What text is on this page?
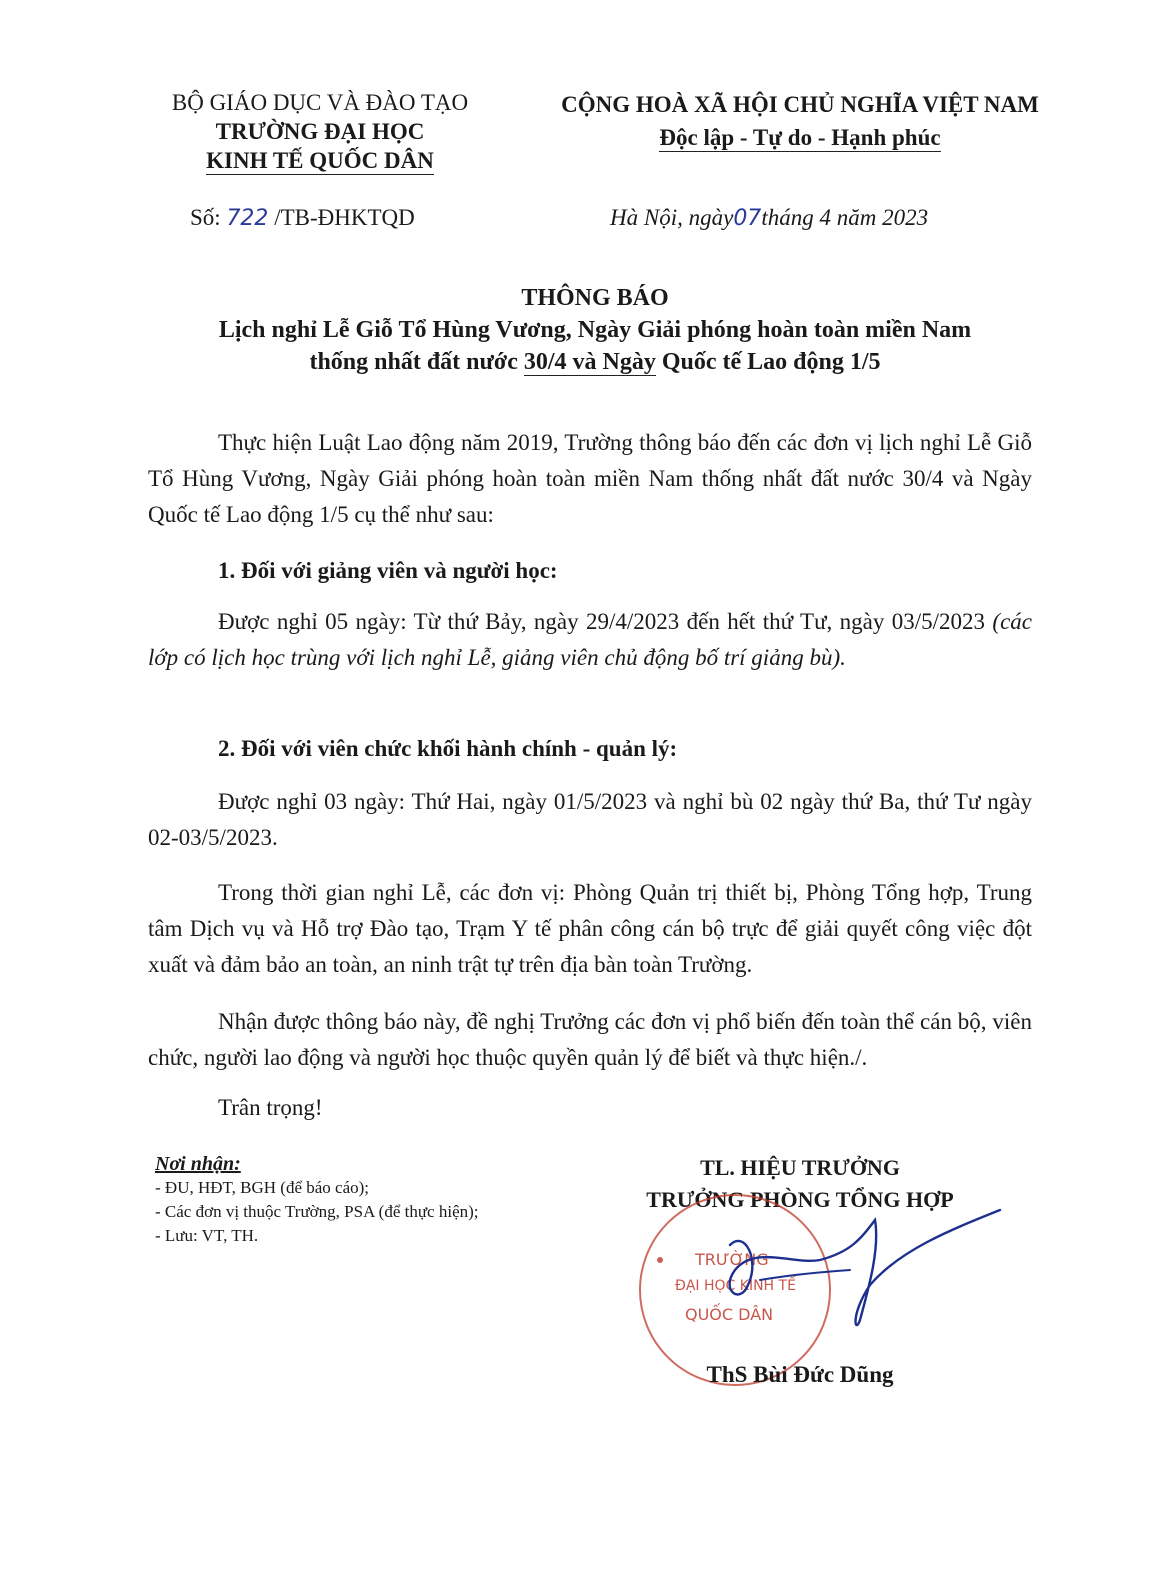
BỘ GIÁO DỤC VÀ ĐÀO TẠO
TRƯỜNG ĐẠI HỌC
KINH TẾ QUỐC DÂN
CỘNG HOÀ XÃ HỘI CHỦ NGHĨA VIỆT NAM
Độc lập - Tự do - Hạnh phúc
Số: 722 /TB-ĐHKTQD	Hà Nội, ngày07tháng 4 năm 2023
THÔNG BÁO
Lịch nghỉ Lễ Giỗ Tổ Hùng Vương, Ngày Giải phóng hoàn toàn miền Nam
thống nhất đất nước 30/4 và Ngày Quốc tế Lao động 1/5
Thực hiện Luật Lao động năm 2019, Trường thông báo đến các đơn vị lịch nghỉ Lễ Giỗ Tổ Hùng Vương, Ngày Giải phóng hoàn toàn miền Nam thống nhất đất nước 30/4 và Ngày Quốc tế Lao động 1/5 cụ thể như sau:
1. Đối với giảng viên và người học:
Được nghỉ 05 ngày: Từ thứ Bảy, ngày 29/4/2023 đến hết thứ Tư, ngày 03/5/2023 (các lớp có lịch học trùng với lịch nghỉ Lễ, giảng viên chủ động bố trí giảng bù).
2. Đối với viên chức khối hành chính - quản lý:
Được nghỉ 03 ngày: Thứ Hai, ngày 01/5/2023 và nghỉ bù 02 ngày thứ Ba, thứ Tư ngày 02-03/5/2023.
Trong thời gian nghỉ Lễ, các đơn vị: Phòng Quản trị thiết bị, Phòng Tổng hợp, Trung tâm Dịch vụ và Hỗ trợ Đào tạo, Trạm Y tế phân công cán bộ trực để giải quyết công việc đột xuất và đảm bảo an toàn, an ninh trật tự trên địa bàn toàn Trường.
Nhận được thông báo này, đề nghị Trưởng các đơn vị phổ biến đến toàn thể cán bộ, viên chức, người lao động và người học thuộc quyền quản lý để biết và thực hiện./.
Trân trọng!
Nơi nhận:
- ĐU, HĐT, BGH (để báo cáo);
- Các đơn vị thuộc Trường, PSA (để thực hiện);
- Lưu: VT, TH.
TL. HIỆU TRƯỞNG
TRƯỞNG PHÒNG TỔNG HỢP
TRƯỜNG
ĐẠI HỌC KINH TẾ
QUỐC DÂN
ThS Bùi Đức Dũng
